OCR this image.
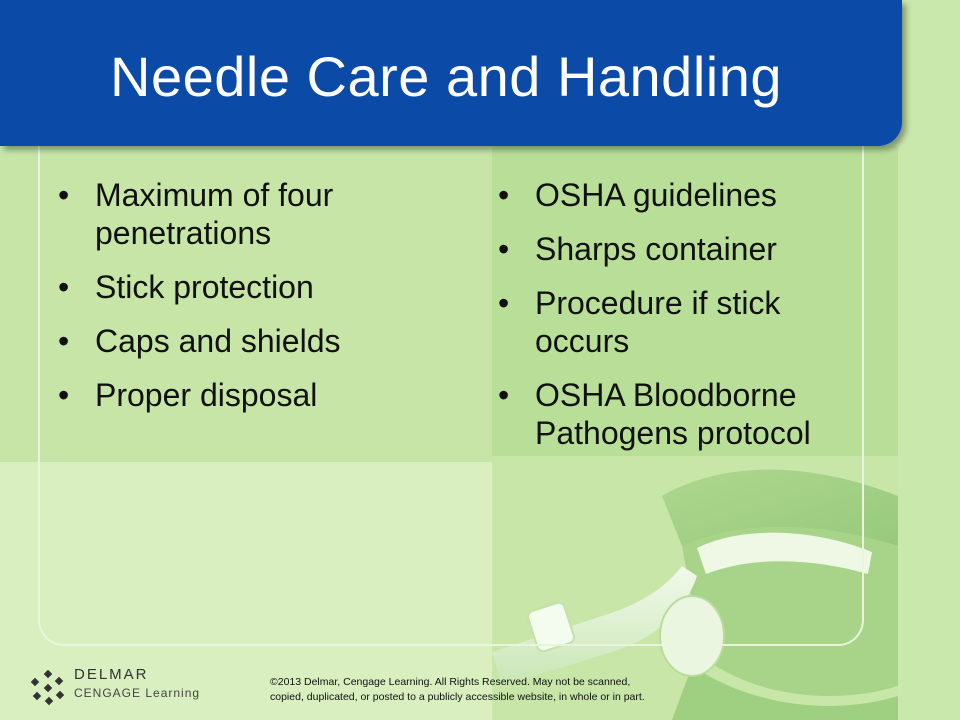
Needle Care and Handling
• Maximum of four penetrations
• Stick protection
• Caps and shields
• Proper disposal
• OSHA guidelines
• Sharps container
• Procedure if stick occurs
• OSHA Bloodborne Pathogens protocol
DELMAR
CENGAGE Learning

©2013 Delmar, Cengage Learning. All Rights Reserved. May not be scanned,
copied, duplicated, or posted to a publicly accessible website, in whole or in part.
